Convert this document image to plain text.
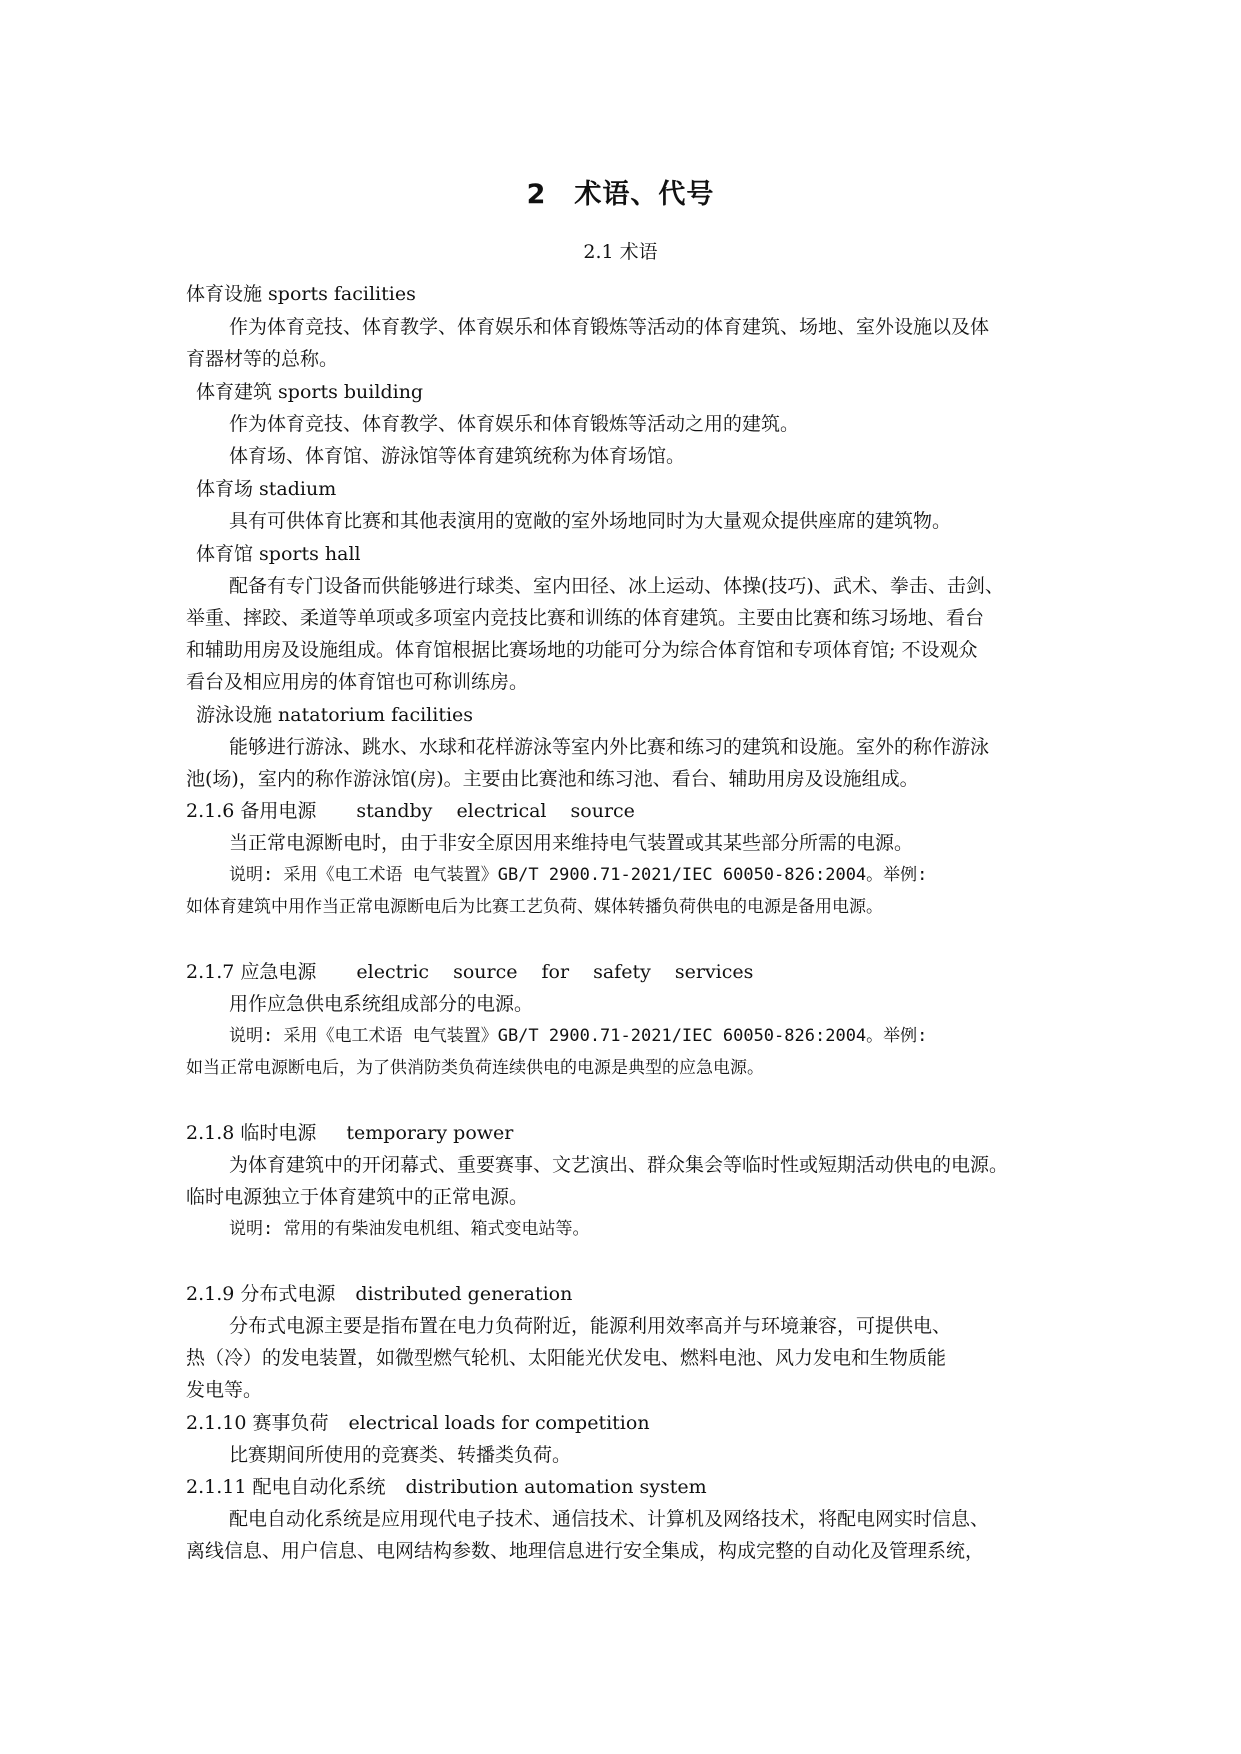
2　术语、代号
2.1 术语
体育设施 sports facilities
作为体育竞技、体育教学、体育娱乐和体育锻炼等活动的体育建筑、场地、室外设施以及体
育器材等的总称。
体育建筑 sports building
作为体育竞技、体育教学、体育娱乐和体育锻炼等活动之用的建筑。
体育场、体育馆、游泳馆等体育建筑统称为体育场馆。
体育场 stadium
具有可供体育比赛和其他表演用的宽敞的室外场地同时为大量观众提供座席的建筑物。
体育馆 sports hall
配备有专门设备而供能够进行球类、室内田径、冰上运动、体操(技巧)、武术、拳击、击剑、
举重、摔跤、柔道等单项或多项室内竞技比赛和训练的体育建筑。主要由比赛和练习场地、看台
和辅助用房及设施组成。体育馆根据比赛场地的功能可分为综合体育馆和专项体育馆; 不设观众
看台及相应用房的体育馆也可称训练房。
游泳设施 natatorium facilities
能够进行游泳、跳水、水球和花样游泳等室内外比赛和练习的建筑和设施。室外的称作游泳
池(场)，室内的称作游泳馆(房)。主要由比赛池和练习池、看台、辅助用房及设施组成。
2.1.6 备用电源 standby electrical source
当正常电源断电时，由于非安全原因用来维持电气装置或其某些部分所需的电源。
说明: 采用《电工术语 电气装置》GB/T 2900.71-2021/IEC 60050-826:2004。举例:
如体育建筑中用作当正常电源断电后为比赛工艺负荷、媒体转播负荷供电的电源是备用电源。
2.1.7 应急电源 electric source for safety services
用作应急供电系统组成部分的电源。
说明: 采用《电工术语 电气装置》GB/T 2900.71-2021/IEC 60050-826:2004。举例:
如当正常电源断电后，为了供消防类负荷连续供电的电源是典型的应急电源。
2.1.8 临时电源 temporary power
为体育建筑中的开闭幕式、重要赛事、文艺演出、群众集会等临时性或短期活动供电的电源。
临时电源独立于体育建筑中的正常电源。
说明: 常用的有柴油发电机组、箱式变电站等。
2.1.9 分布式电源 distributed generation
分布式电源主要是指布置在电力负荷附近，能源利用效率高并与环境兼容，可提供电、
热（冷）的发电装置，如微型燃气轮机、太阳能光伏发电、燃料电池、风力发电和生物质能
发电等。
2.1.10 赛事负荷 electrical loads for competition
比赛期间所使用的竞赛类、转播类负荷。
2.1.11 配电自动化系统 distribution automation system
配电自动化系统是应用现代电子技术、通信技术、计算机及网络技术，将配电网实时信息、
离线信息、用户信息、电网结构参数、地理信息进行安全集成，构成完整的自动化及管理系统，
